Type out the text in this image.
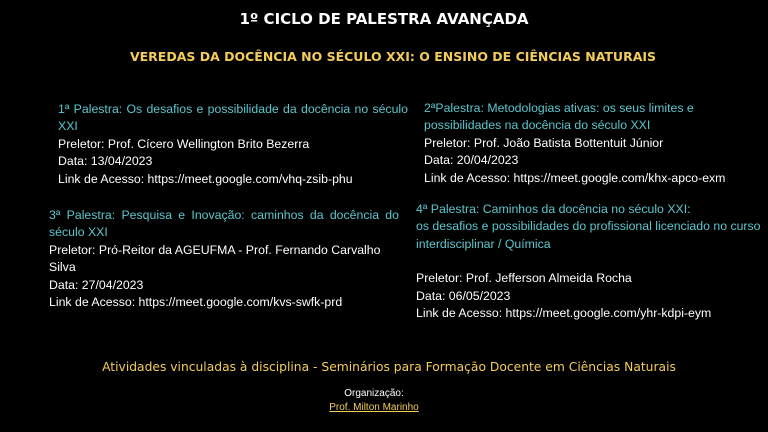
1º CICLO DE PALESTRA AVANÇADA
VEREDAS DA DOCÊNCIA NO SÉCULO XXI: O ENSINO DE CIÊNCIAS NATURAIS
1ª Palestra: Os desafios e possibilidade da docência no século XXI
Preletor: Prof. Cícero Wellington Brito Bezerra
Data: 13/04/2023
Link de Acesso: https://meet.google.com/vhq-zsib-phu
2ªPalestra: Metodologias ativas: os seus limites e possibilidades na docência do século XXI
Preletor: Prof. João Batista Bottentuit Júnior
Data: 20/04/2023
Link de Acesso: https://meet.google.com/khx-apco-exm
3ª Palestra: Pesquisa e Inovação: caminhos da docência do século XXI
Preletor: Pró-Reitor da AGEUFMA - Prof. Fernando Carvalho Silva
Data: 27/04/2023
Link de Acesso: https://meet.google.com/kvs-swfk-prd
4ª Palestra: Caminhos da docência no século XXI:
os desafios e possibilidades do profissional licenciado no curso interdisciplinar / Química
Preletor: Prof. Jefferson Almeida Rocha
Data: 06/05/2023
Link de Acesso: https://meet.google.com/yhr-kdpi-eym
Atividades vinculadas à disciplina - Seminários para Formação Docente em Ciências Naturais
Organização:
Prof. Milton Marinho
